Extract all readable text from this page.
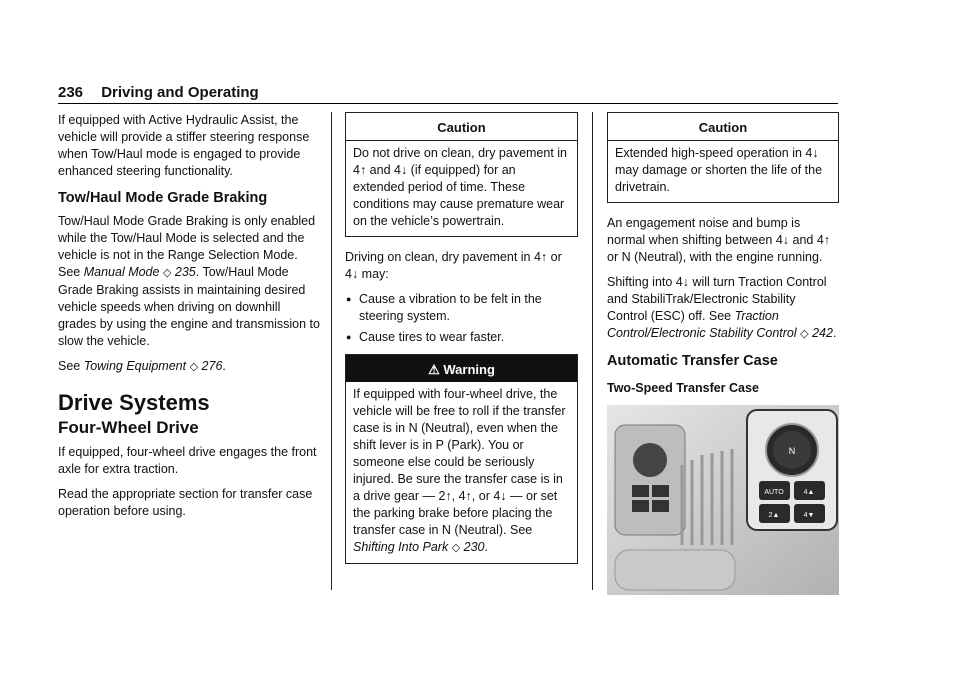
236 Driving and Operating

If equipped with Active Hydraulic Assist, the vehicle will provide a stiffer steering response when Tow/Haul mode is engaged to provide enhanced steering functionality.

Tow/Haul Mode Grade Braking

Tow/Haul Mode Grade Braking is only enabled while the Tow/Haul Mode is selected and the vehicle is not in the Range Selection Mode. See Manual Mode ◇ 235. Tow/Haul Mode Grade Braking assists in maintaining desired vehicle speeds when driving on downhill grades by using the engine and transmission to slow the vehicle.

See Towing Equipment ◇ 276.

Drive Systems
Four-Wheel Drive

If equipped, four-wheel drive engages the front axle for extra traction.

Read the appropriate section for transfer case operation before using.

Caution
Do not drive on clean, dry pavement in 4↑ and 4↓ (if equipped) for an extended period of time. These conditions may cause premature wear on the vehicle’s powertrain.

Driving on clean, dry pavement in 4↑ or 4↓ may:

● Cause a vibration to be felt in the steering system.
● Cause tires to wear faster.
⚠ Warning
If equipped with four-wheel drive, the vehicle will be free to roll if the transfer case is in N (Neutral), even when the shift lever is in P (Park). You or someone else could be seriously injured. Be sure the transfer case is in a drive gear — 2↑, 4↑, or 4↓ — or set the parking brake before placing the transfer case in N (Neutral). See Shifting Into Park ◇ 230.
Caution
Extended high-speed operation in 4↓ may damage or shorten the life of the drivetrain.

An engagement noise and bump is normal when shifting between 4↓ and 4↑ or N (Neutral), with the engine running.

Shifting into 4↓ will turn Traction Control and StabiliTrak/Electronic Stability Control (ESC) off. See Traction Control/Electronic Stability Control ◇ 242.

Automatic Transfer Case
Two-Speed Transfer Case
N
AUTO	4▲
2▲	4▼
